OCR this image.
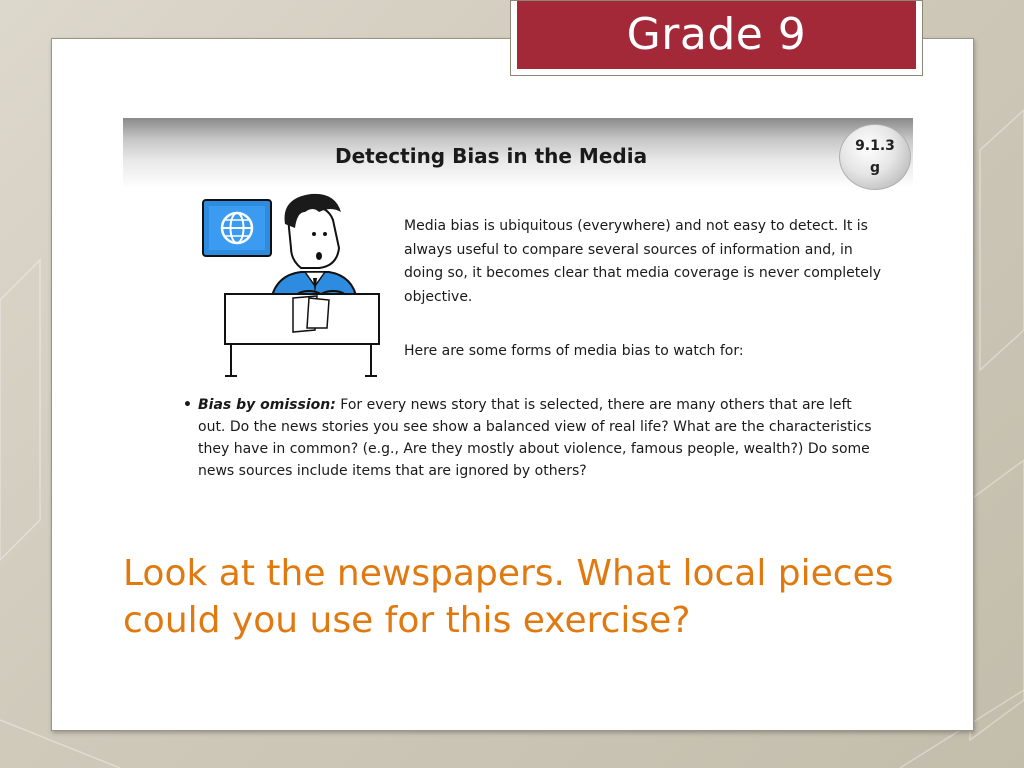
Grade 9
Detecting Bias in the Media	9.1.3
g

Media bias is ubiquitous (everywhere) and not easy to detect. It is always useful to compare several sources of information and, in doing so, it becomes clear that media coverage is never completely objective.

Here are some forms of media bias to watch for:

• Bias by omission: For every news story that is selected, there are many others that are left out. Do the news stories you see show a balanced view of real life? What are the characteristics they have in common? (e.g., Are they mostly about violence, famous people, wealth?) Do some news sources include items that are ignored by others?

Look at the newspapers. What local pieces could you use for this exercise?
